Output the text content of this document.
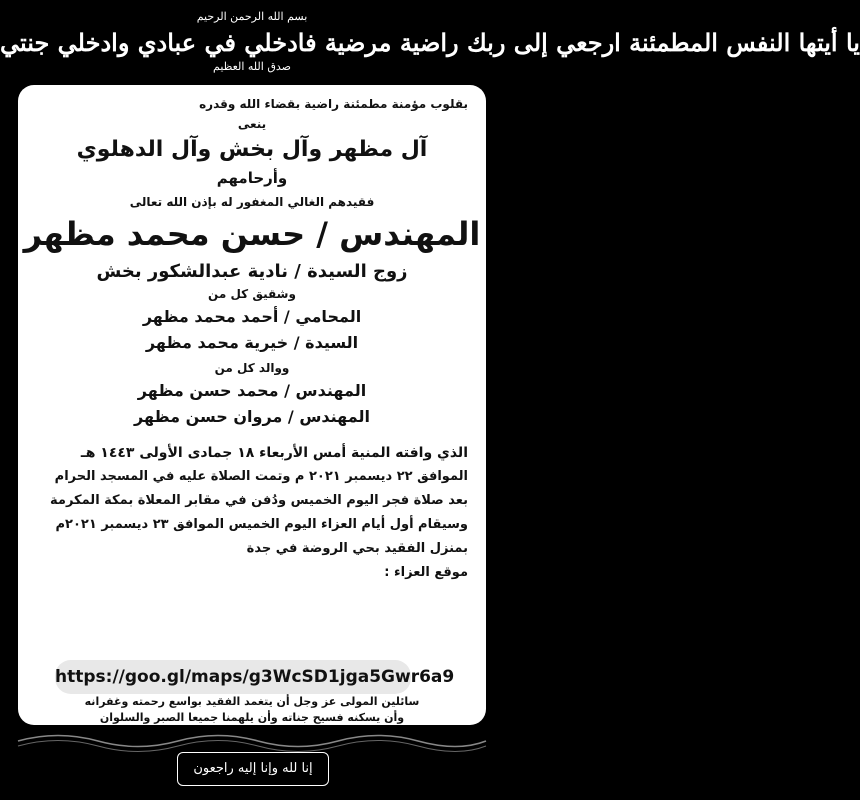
بسم الله الرحمن الرحيم
يا أيتها النفس المطمئنة ارجعي إلى ربك راضية مرضية فادخلي في عبادي وادخلي جنتي
صدق الله العظيم
بقلوب مؤمنة مطمئنة راضية بقضاء الله وقدره
ينعى
آل مظهر وآل بخش وآل الدهلوي
وأرحامهم
فقيدهم الغالي المغفور له بإذن الله تعالى
المهندس / حسن محمد مظهر
زوج السيدة / نادية عبدالشكور بخش
وشقيق كل من
المحامي / أحمد محمد مظهر
السيدة / خيرية محمد مظهر
ووالد كل من
المهندس / محمد حسن مظهر
المهندس / مروان حسن مظهر
الذي وافته المنية أمس الأربعاء ١٨ جمادى الأولى ١٤٤٣ هـ
الموافق ٢٢ ديسمبر ٢٠٢١ م وتمت الصلاة عليه في المسجد الحرام
بعد صلاة فجر اليوم الخميس ودُفن في مقابر المعلاة بمكة المكرمة
وسيقام أول أيام العزاء اليوم الخميس الموافق ٢٣ ديسمبر ٢٠٢١م
بمنزل الفقيد بحي الروضة في جدة
موقع العزاء :
سائلين المولى عز وجل أن يتغمد الفقيد بواسع رحمته وغفرانه
وأن يسكنه فسيح جناته وأن يلهمنا جميعا الصبر والسلوان
https://goo.gl/maps/g3WcSD1jga5Gwr6a9
إنا لله وإنا إليه راجعون
